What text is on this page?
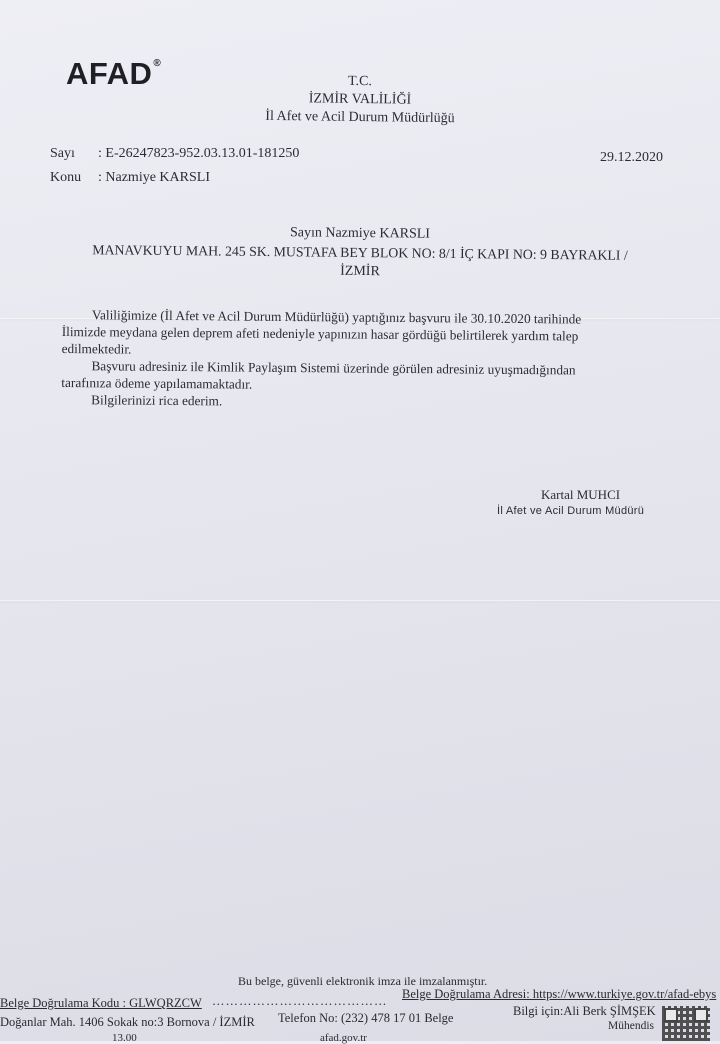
AFAD®
T.C.
İZMİR VALİLİĞİ
İl Afet ve Acil Durum Müdürlüğü
Sayı : E-26247823-952.03.13.01-181250
Konu : Nazmiye KARSLI
29.12.2020
Sayın Nazmiye KARSLI
MANAVKUYU MAH. 245 SK. MUSTAFA BEY BLOK NO: 8/1 İÇ KAPI NO: 9 BAYRAKLI /
İZMİR

Valiliğimize (İl Afet ve Acil Durum Müdürlüğü) yaptığınız başvuru ile 30.10.2020 tarihinde

İlimizde meydana gelen deprem afeti nedeniyle yapınızın hasar gördüğü belirtilerek yardım talep

edilmektedir.

Başvuru adresiniz ile Kimlik Paylaşım Sistemi üzerinde görülen adresiniz uyuşmadığından

tarafınıza ödeme yapılamamaktadır.

Bilgilerinizi rica ederim.

Kartal MUHCI
İl Afet ve Acil Durum Müdürü
Bu belge, güvenli elektronik imza ile imzalanmıştır.
Belge Doğrulama Adresi: https://www.turkiye.gov.tr/afad-ebys
Belge Doğrulama Kodu : GLWQRZCW …………………………………
Doğanlar Mah. 1406 Sokak no:3 Bornova / İZMİR Telefon No: (232) 478 17 01 Belge	Bilgi için:Ali Berk ŞİMŞEK
Mühendis
13.00	afad.gov.tr
